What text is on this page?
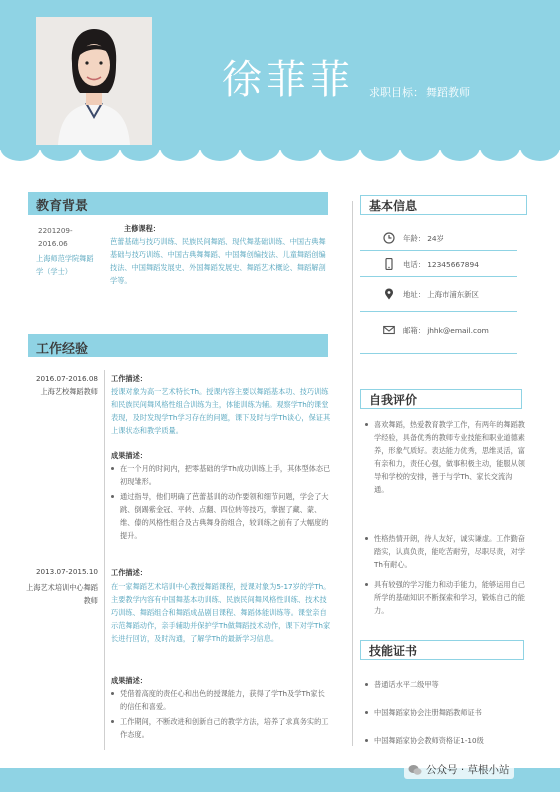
徐菲菲 求职目标： 舞蹈教师
教育背景
2201209-2016.06
上海师范学院舞蹈学（学士）
主修课程：
芭蕾基础与技巧训练、民族民间舞蹈、现代舞基础训练、中国古典舞基础与技巧训练、中国古典舞舞蹈、中国舞创编技法、儿童舞蹈创编技法、中国舞蹈发展史、外国舞蹈发展史、舞蹈艺术概论、舞蹈解剖学等。
工作经验
2016.07-2016.08
上海艺校舞蹈教师
工作描述：
授课对象为高一艺术特长Th。授课内容主要以舞蹈基本功、技巧训练和民族民间舞风格性组合训练为主，体能训练为辅。观察学Th的课堂表现，及时发现学Th学习存在的问题，课下及时与学Th谈心，保证其上课状态和教学质量。
成果描述：
在一个月的时间内，把零基础的学Th成功训练上手，其体型体态已初现雏形。
通过指导，他们明确了芭蕾基训的动作要领和细节问题，学会了大跳、倒踢紫金冠、平转、点翻、四位转等技巧，掌握了藏、蒙、维、傣的风格性组合及古典舞身韵组合，较训练之前有了大幅度的提升。
2013.07-2015.10
上海艺术培训中心舞蹈教师
工作描述：
在一家舞蹈艺术培训中心教授舞蹈课程，授课对象为5-17岁的学Th。主要教学内容有中国舞基本功训练、民族民间舞风格性训练、技术技巧训练、舞蹈组合和舞蹈成品剧目课程、舞蹈体能训练等。课堂亲自示范舞蹈动作，亲手辅助并保护学Th做舞蹈技术动作，课下对学Th家长进行回访，及时沟通，了解学Th的最新学习信息。
成果描述：
凭借着高度的责任心和出色的授课能力，获得了学Th及学Th家长的信任和喜爱。
工作期间，不断改进和创新自己的教学方法，培养了求真务实的工作态度。
基本信息
年龄： 24岁
电话： 12345667894
地址： 上海市浦东新区
邮箱： jhhk@email.com
自我评价
喜欢舞蹈，热爱教育教学工作，有两年的舞蹈教学经验，具备优秀的教师专业技能和职业道德素养，形象气质好。表达能力优秀，思维灵活，富有亲和力，责任心强，做事积极主动，能服从领导和学校的安排，善于与学Th、家长交流沟通。
性格热情开朗，待人友好，诚实谦虚。工作勤奋踏实，认真负责，能吃苦耐劳，尽职尽责，对学Th有耐心。
具有较强的学习能力和动手能力，能够运用自己所学的基础知识不断探索和学习，锻炼自己的能力。
技能证书
普通话水平二级甲等
中国舞蹈家协会注册舞蹈教师证书
中国舞蹈家协会教师资格证1-10级
公众号 · 草根小站
